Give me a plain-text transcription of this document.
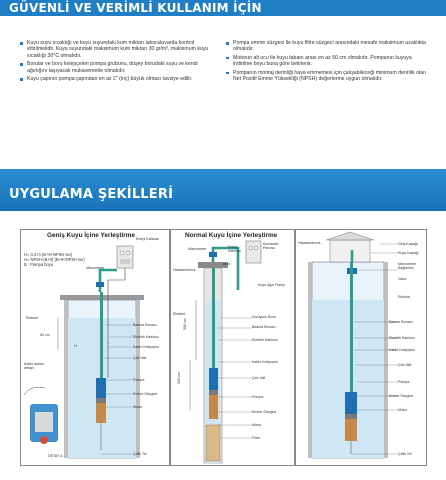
GÜVENLİ VE VERİMLİ KULLANIM İÇİN
Kuyu suyu sıcaklığı ve kuyu suyundaki kum miktarı laboratuvarda kontrol ettirilmelidir. Kuyu suyundaki maksimum kum miktarı 30 gr/m³, maksimum kuyu sıcaklığı 30°C olmalıdır.
Borular ve boru kelepçeleri pompa grubunu, düşey borudaki suyu ve kendi ağırlığını taşıyacak mukavemette olmalıdır.
Kuyu çapının pompa çapından en az 2" (inç) büyük olması tavsiye edilir.
Pompa emme süzgeci ile kuyu filtre süzgeci arasındaki mesafe maksimum uzaklıkta olmalıdır.
Motorun alt ucu ile kuyu tabanı arası en az 50 cm olmalıdır. Pompanın kuyuya indirilme boyu buna göre belirlenir.
Pompanın montaj derinliği hava emmemesi için çalışabileceği minimum derinlik olan Net Pozitif Emme Yüksekliği (NPSH) değerlerine uygun olmalıdır.
UYGULAMA ŞEKİLLERİ
Geniş Kuyu İçine Yerleştirme	Normal Kuyu İçine Yerleştirme
H= 0,3 m (B+9+NPSH ise)
H= NPSH-(B+9) (B+9<NPSH ise)
B : Pompa boyu
Enerji Kablosu
Manometre
Elektrot
50 cm
H
Kablo dolum detayı
Basma Borusu
Elektrik Kablosu
Kablo Kelepçesi
Çek Valf
Pompa
Emme Süzgeci
Motor
Çelik Tel
DETAY A
Kumanda Panosu
Enerji Kablosu
Manometre
Vana
Havalandırma
Kuyu Ağzı Flanşı
Elektrot
Koruyucu Boru
Basma Borusu
Elektrik Kablosu
Kablo Kelepçesi
Çek Valf
Pompa
Emme Süzgeci
Motor
Filtre
500 cm
300 cm
Havalandırma	Giriş Kapağı
Kuyu Kapağı
Manometre Bağlantısı
Vana
Elektrot
Basma Borusu
Elektrik Kablosu
Kablo Kelepçesi
Çek Valf
Pompa
Emme Süzgeci
Motor
Çelik Tel
